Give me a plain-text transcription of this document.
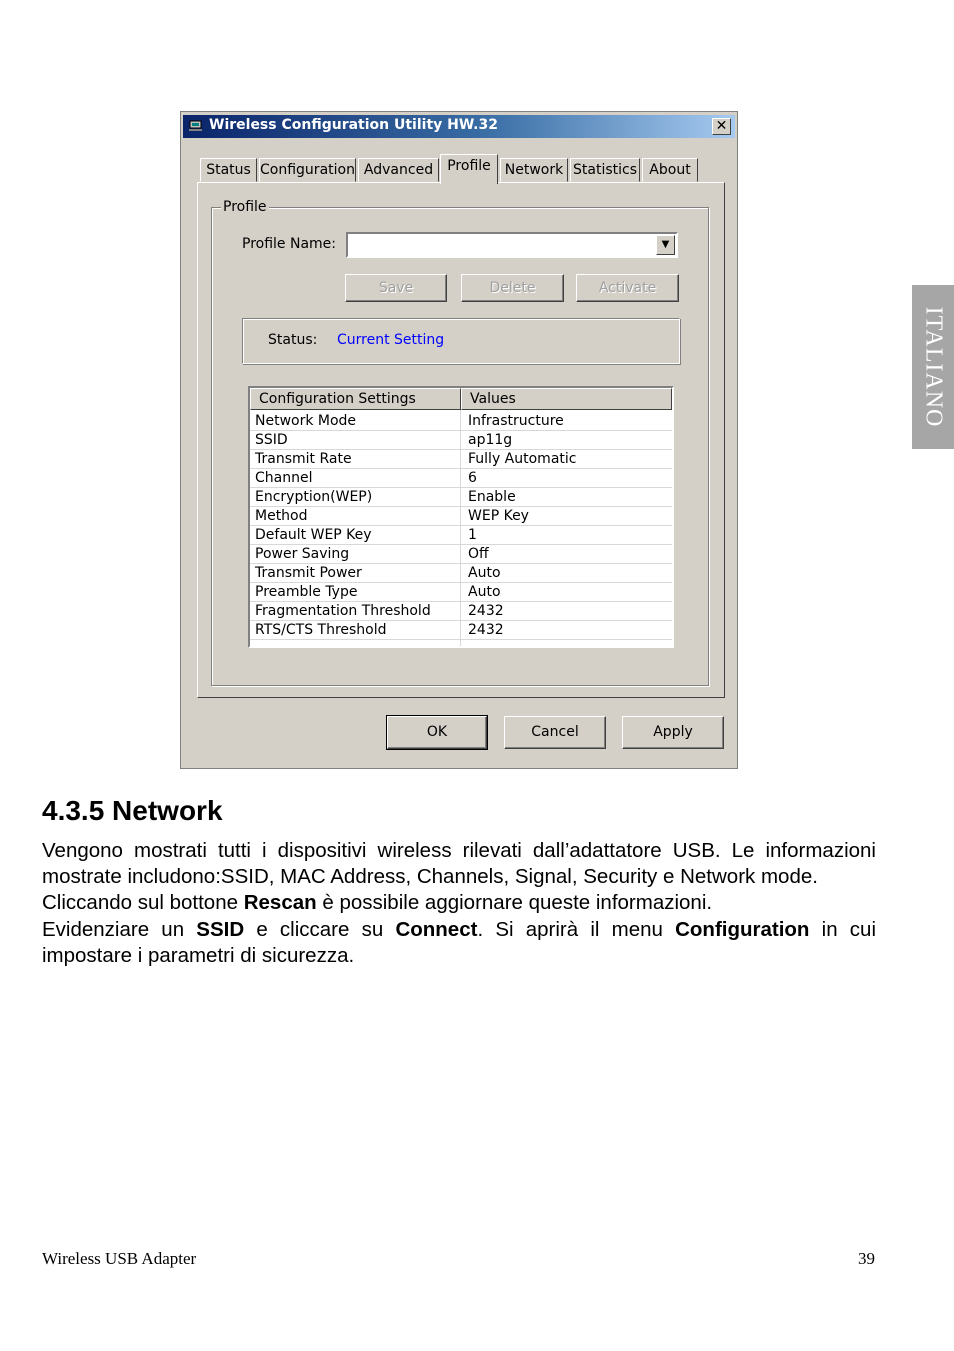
ITALIANO
Wireless Configuration Utility HW.32	✕
Status Configuration Advanced	Profile	Network Statistics About
Profile
Profile Name:	▼
Save	Delete	Activate
Status: Current Setting
Configuration Settings	Values
Network Mode	Infrastructure
SSID	ap11g
Transmit Rate	Fully Automatic
Channel	6
Encryption(WEP)	Enable
Method	WEP Key
Default WEP Key	1
Power Saving	Off
Transmit Power	Auto
Preamble Type	Auto
Fragmentation Threshold	2432
RTS/CTS Threshold	2432
OK	Cancel	Apply
4.3.5 Network
Vengono mostrati tutti i dispositivi wireless rilevati dall’adattatore USB. Le informazioni mostrate includono:SSID, MAC Address, Channels, Signal, Security e Network mode.
Cliccando sul bottone Rescan è possibile aggiornare queste informazioni.
Evidenziare un SSID e cliccare su Connect. Si aprirà il menu Configuration in cui impostare i parametri di sicurezza.
Wireless USB Adapter	39
